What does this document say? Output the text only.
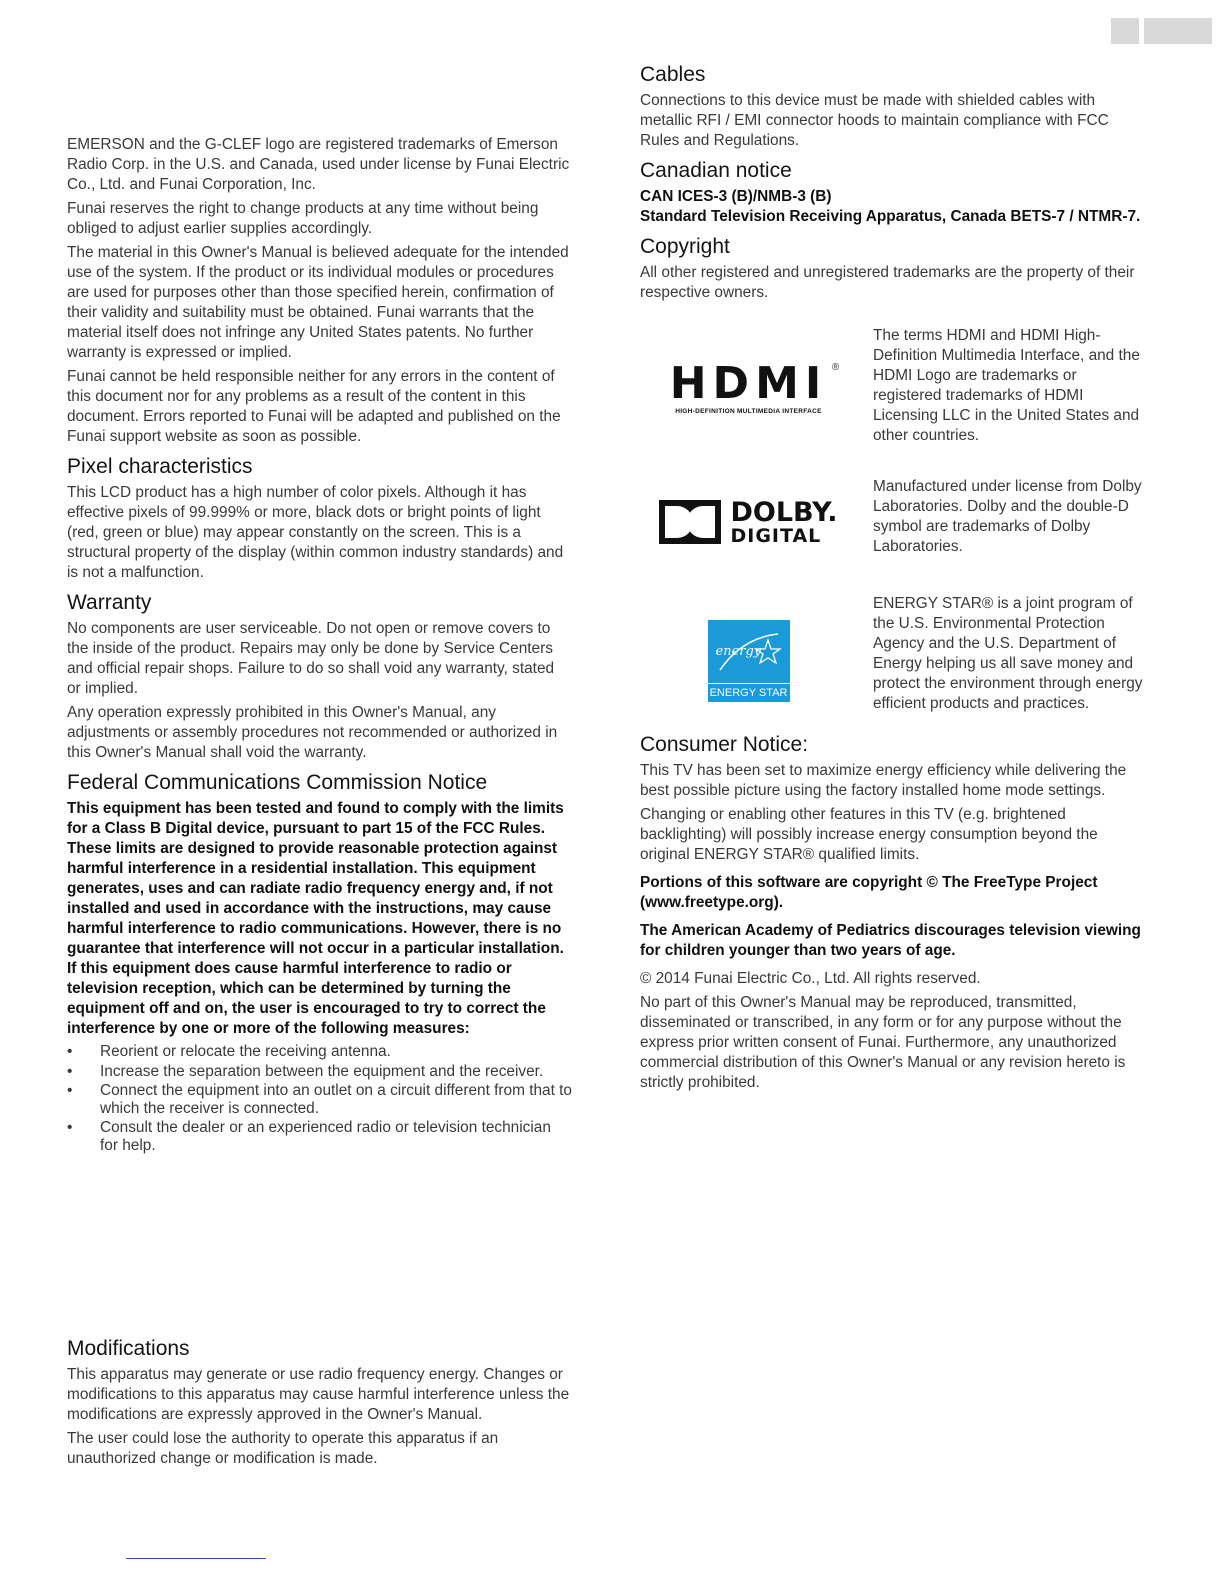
EMERSON and the G-CLEF logo are registered trademarks of Emerson Radio Corp. in the U.S. and Canada, used under license by Funai Electric Co., Ltd. and Funai Corporation, Inc.

Funai reserves the right to change products at any time without being obliged to adjust earlier supplies accordingly.

The material in this Owner's Manual is believed adequate for the intended use of the system. If the product or its individual modules or procedures are used for purposes other than those specified herein, confirmation of their validity and suitability must be obtained. Funai warrants that the material itself does not infringe any United States patents. No further warranty is expressed or implied.

Funai cannot be held responsible neither for any errors in the content of this document nor for any problems as a result of the content in this document. Errors reported to Funai will be adapted and published on the Funai support website as soon as possible.

Pixel characteristics

This LCD product has a high number of color pixels. Although it has effective pixels of 99.999% or more, black dots or bright points of light (red, green or blue) may appear constantly on the screen. This is a structural property of the display (within common industry standards) and is not a malfunction.

Warranty

No components are user serviceable. Do not open or remove covers to the inside of the product. Repairs may only be done by Service Centers and official repair shops. Failure to do so shall void any warranty, stated or implied.

Any operation expressly prohibited in this Owner's Manual, any adjustments or assembly procedures not recommended or authorized in this Owner's Manual shall void the warranty.

Federal Communications Commission Notice

This equipment has been tested and found to comply with the limits for a Class B Digital device, pursuant to part 15 of the FCC Rules. These limits are designed to provide reasonable protection against harmful interference in a residential installation. This equipment generates, uses and can radiate radio frequency energy and, if not installed and used in accordance with the instructions, may cause harmful interference to radio communications. However, there is no guarantee that interference will not occur in a particular installation. If this equipment does cause harmful interference to radio or television reception, which can be determined by turning the equipment off and on, the user is encouraged to try to correct the interference by one or more of the following measures:

• Reorient or relocate the receiving antenna.
• Increase the separation between the equipment and the receiver.
• Connect the equipment into an outlet on a circuit different from that to which the receiver is connected.
• Consult the dealer or an experienced radio or television technician for help.
Modifications

This apparatus may generate or use radio frequency energy. Changes or modifications to this apparatus may cause harmful interference unless the modifications are expressly approved in the Owner's Manual.

The user could lose the authority to operate this apparatus if an unauthorized change or modification is made.

Cables

Connections to this device must be made with shielded cables with metallic RFI / EMI connector hoods to maintain compliance with FCC Rules and Regulations.

Canadian notice

CAN ICES-3 (B)/NMB-3 (B)

Standard Television Receiving Apparatus, Canada BETS-7 / NTMR-7.

Copyright

All other registered and unregistered trademarks are the property of their respective owners.

HDMI ®
HIGH-DEFINITION MULTIMEDIA INTERFACE

The terms HDMI and HDMI High-Definition Multimedia Interface, and the HDMI Logo are trademarks or registered trademarks of HDMI Licensing LLC in the United States and other countries.

DOLBY.
DIGITAL

Manufactured under license from Dolby Laboratories. Dolby and the double-D symbol are trademarks of Dolby Laboratories.

energy
ENERGY STAR

ENERGY STAR® is a joint program of the U.S. Environmental Protection Agency and the U.S. Department of Energy helping us all save money and protect the environment through energy efficient products and practices.

Consumer Notice:

This TV has been set to maximize energy efficiency while delivering the best possible picture using the factory installed home mode settings.

Changing or enabling other features in this TV (e.g. brightened backlighting) will possibly increase energy consumption beyond the original ENERGY STAR® qualified limits.

Portions of this software are copyright © The FreeType Project (www.freetype.org).

The American Academy of Pediatrics discourages television viewing for children younger than two years of age.

© 2014 Funai Electric Co., Ltd. All rights reserved.

No part of this Owner's Manual may be reproduced, transmitted, disseminated or transcribed, in any form or for any purpose without the express prior written consent of Funai. Furthermore, any unauthorized commercial distribution of this Owner's Manual or any revision hereto is strictly prohibited.
